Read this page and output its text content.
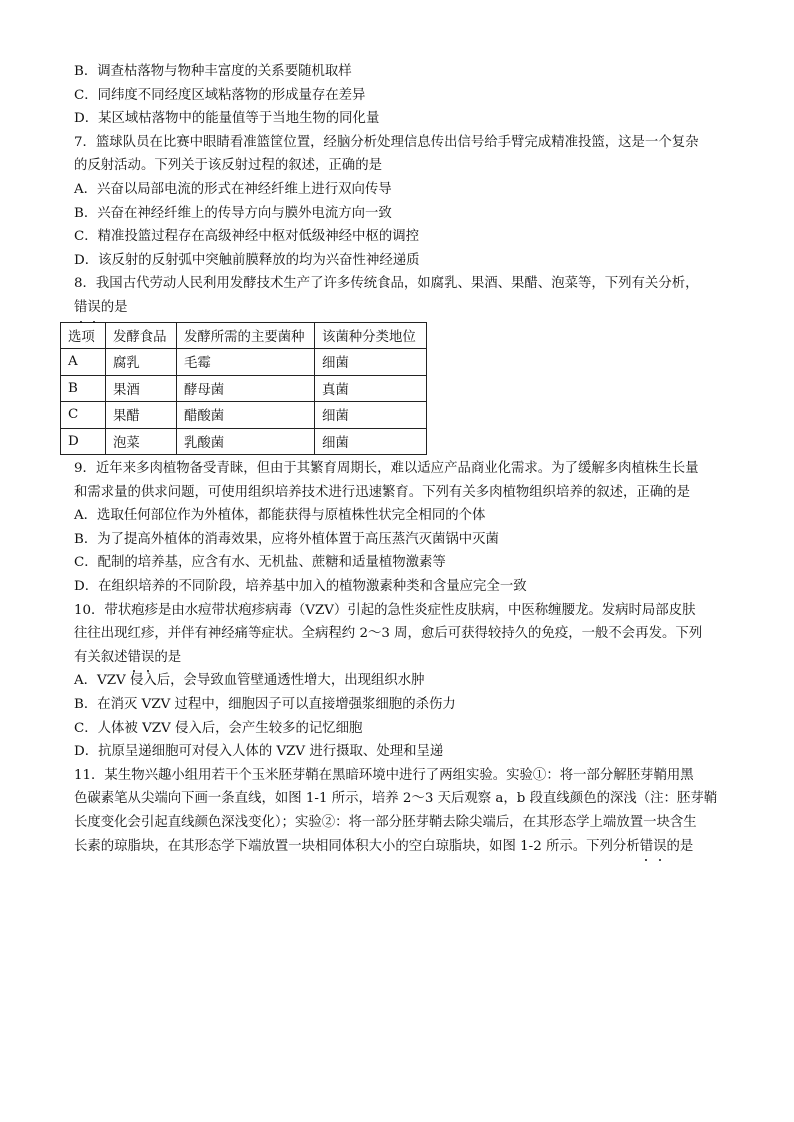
B．调查枯落物与物种丰富度的关系要随机取样
C．同纬度不同经度区域粘落物的形成量存在差异
D．某区域枯落物中的能量值等于当地生物的同化量
7．篮球队员在比赛中眼睛看准篮筐位置，经脑分析处理信息传出信号给手臂完成精准投篮，这是一个复杂
的反射活动。下列关于该反射过程的叙述，正确的是
A．兴奋以局部电流的形式在神经纤维上进行双向传导
B．兴奋在神经纤维上的传导方向与膜外电流方向一致
C．精准投篮过程存在高级神经中枢对低级神经中枢的调控
D．该反射的反射弧中突触前膜释放的均为兴奋性神经递质
8．我国古代劳动人民利用发酵技术生产了许多传统食品，如腐乳、果酒、果醋、泡菜等，下列有关分析，
错误的是
选项	发酵食品	发酵所需的主要菌种	该菌种分类地位
A	腐乳	毛霉	细菌
B	果酒	酵母菌	真菌
C	果醋	醋酸菌	细菌
D	泡菜	乳酸菌	细菌
9．近年来多肉植物备受青睐，但由于其繁育周期长，难以适应产品商业化需求。为了缓解多肉植株生长量
和需求量的供求问题，可使用组织培养技术进行迅速繁育。下列有关多肉植物组织培养的叙述，正确的是
A．选取任何部位作为外植体，都能获得与原植株性状完全相同的个体
B．为了提高外植体的消毒效果，应将外植体置于高压蒸汽灭菌锅中灭菌
C．配制的培养基，应含有水、无机盐、蔗糖和适量植物激素等
D．在组织培养的不同阶段，培养基中加入的植物激素种类和含量应完全一致
10．带状疱疹是由水痘带状疱疹病毒（VZV）引起的急性炎症性皮肤病，中医称缠腰龙。发病时局部皮肤
往往出现红疹，并伴有神经痛等症状。全病程约 2～3 周，愈后可获得较持久的免疫，一般不会再发。下列
有关叙述错误的是
A．VZV 侵入后，会导致血管壁通透性增大，出现组织水肿
B．在消灭 VZV 过程中，细胞因子可以直接增强浆细胞的杀伤力
C．人体被 VZV 侵入后，会产生较多的记忆细胞
D．抗原呈递细胞可对侵入人体的 VZV 进行摄取、处理和呈递
11．某生物兴趣小组用若干个玉米胚芽鞘在黑暗环境中进行了两组实验。实验①：将一部分解胚芽鞘用黑
色碳素笔从尖端向下画一条直线，如图 1-1 所示，培养 2～3 天后观察 a，b 段直线颜色的深浅（注：胚芽鞘
长度变化会引起直线颜色深浅变化）；实验②：将一部分胚芽鞘去除尖端后，在其形态学上端放置一块含生
长素的琼脂块，在其形态学下端放置一块相同体积大小的空白琼脂块，如图 1-2 所示。下列分析错误的是
